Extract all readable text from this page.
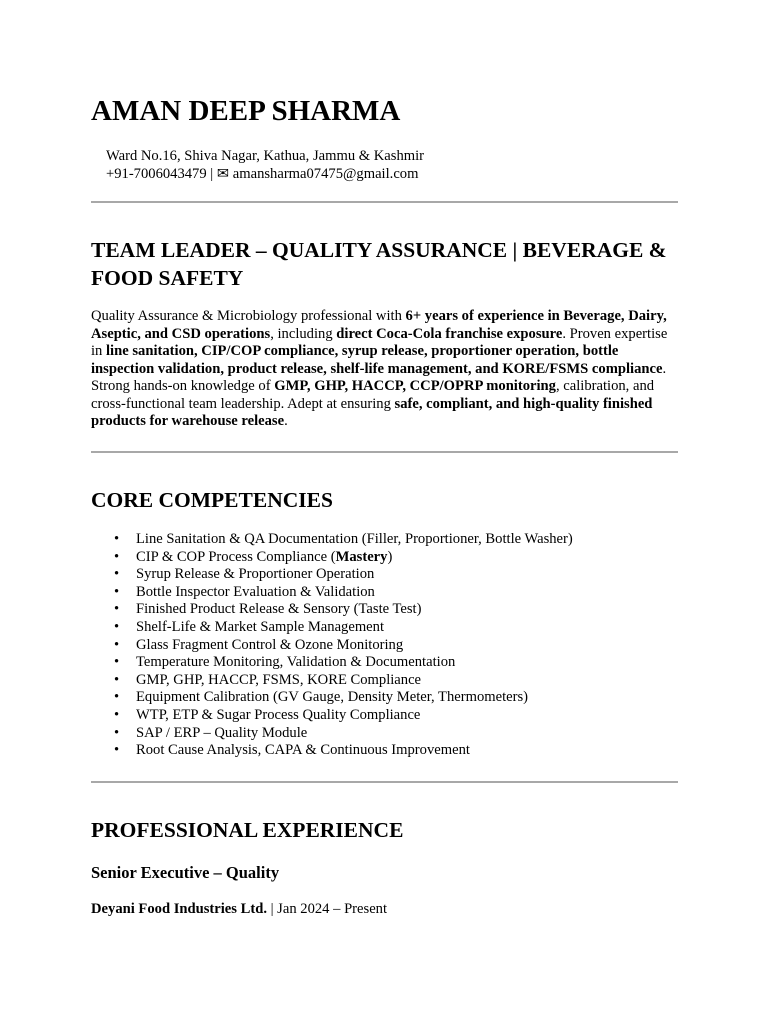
AMAN DEEP SHARMA
Ward No.16, Shiva Nagar, Kathua, Jammu & Kashmir
+91-7006043479 | ✉ amansharma07475@gmail.com
TEAM LEADER – QUALITY ASSURANCE | BEVERAGE & FOOD SAFETY

Quality Assurance & Microbiology professional with 6+ years of experience in Beverage, Dairy, Aseptic, and CSD operations, including direct Coca-Cola franchise exposure. Proven expertise in line sanitation, CIP/COP compliance, syrup release, proportioner operation, bottle inspection validation, product release, shelf-life management, and KORE/FSMS compliance. Strong hands-on knowledge of GMP, GHP, HACCP, CCP/OPRP monitoring, calibration, and cross-functional team leadership. Adept at ensuring safe, compliant, and high-quality finished products for warehouse release.

CORE COMPETENCIES
• Line Sanitation & QA Documentation (Filler, Proportioner, Bottle Washer)
• CIP & COP Process Compliance (Mastery)
• Syrup Release & Proportioner Operation
• Bottle Inspector Evaluation & Validation
• Finished Product Release & Sensory (Taste Test)
• Shelf-Life & Market Sample Management
• Glass Fragment Control & Ozone Monitoring
• Temperature Monitoring, Validation & Documentation
• GMP, GHP, HACCP, FSMS, KORE Compliance
• Equipment Calibration (GV Gauge, Density Meter, Thermometers)
• WTP, ETP & Sugar Process Quality Compliance
• SAP / ERP – Quality Module
• Root Cause Analysis, CAPA & Continuous Improvement
PROFESSIONAL EXPERIENCE
Senior Executive – Quality
Deyani Food Industries Ltd. | Jan 2024 – Present
